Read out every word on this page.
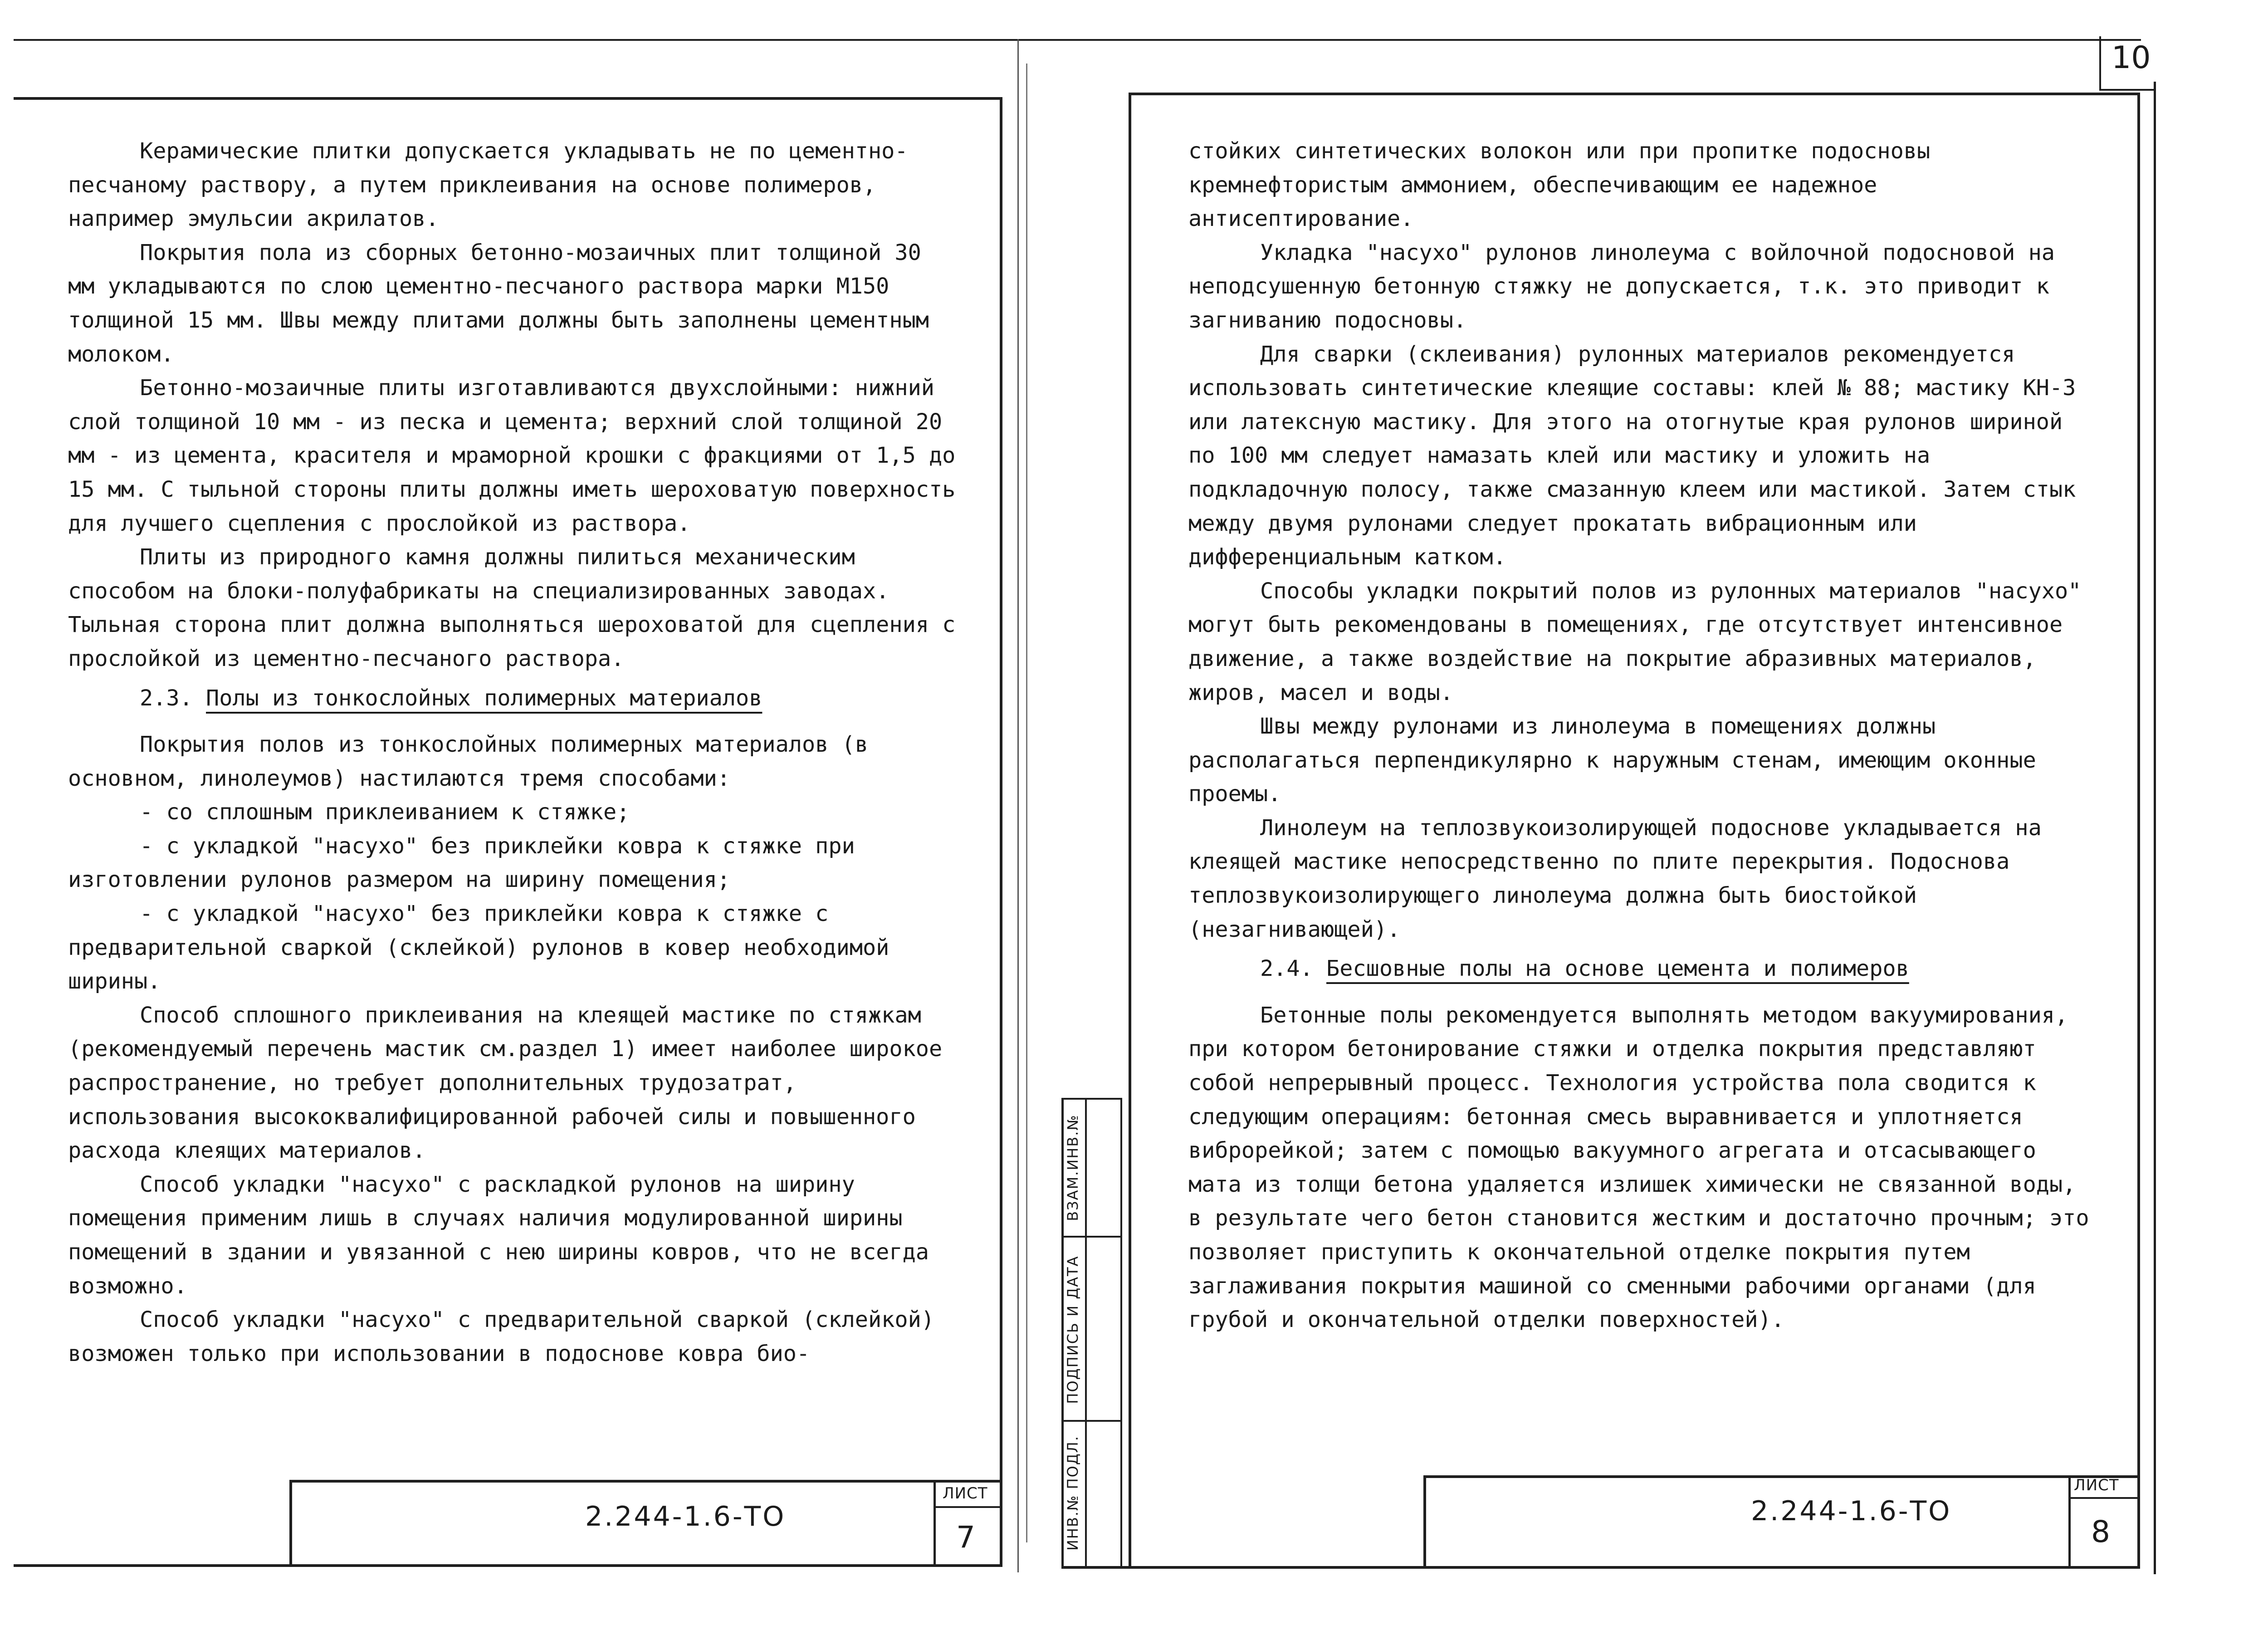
10

Керамические плитки допускается укладывать не по цементно-песчаному раствору, а путем приклеивания на основе полимеров, например эмульсии акрилатов.

Покрытия пола из сборных бетонно-мозаичных плит толщиной 30 мм укладываются по слою цементно-песчаного раствора марки М150 толщиной 15 мм. Швы между плитами должны быть заполнены цементным молоком.

Бетонно-мозаичные плиты изготавливаются двухслойными: нижний слой толщиной 10 мм - из песка и цемента; верхний слой толщиной 20 мм - из цемента, красителя и мраморной крошки с фракциями от 1,5 до 15 мм. С тыльной стороны плиты должны иметь шероховатую поверхность для лучшего сцепления с прослойкой из раствора.

Плиты из природного камня должны пилиться механическим способом на блоки-полуфабрикаты на специализированных заводах. Тыльная сторона плит должна выполняться шероховатой для сцепления с прослойкой из цементно-песчаного раствора.

2.3. Полы из тонкослойных полимерных материалов

Покрытия полов из тонкослойных полимерных материалов (в основном, линолеумов) настилаются тремя способами:

- со сплошным приклеиванием к стяжке;

- с укладкой "насухо" без приклейки ковра к стяжке при изготовлении рулонов размером на ширину помещения;

- с укладкой "насухо" без приклейки ковра к стяжке с предварительной сваркой (склейкой) рулонов в ковер необходимой ширины.

Способ сплошного приклеивания на клеящей мастике по стяжкам (рекомендуемый перечень мастик см.раздел 1) имеет наиболее широкое распространение, но требует дополнительных трудозатрат, использования высококвалифицированной рабочей силы и повышенного расхода клеящих материалов.

Способ укладки "насухо" с раскладкой рулонов на ширину помещения применим лишь в случаях наличия модулированной ширины помещений в здании и увязанной с нею ширины ковров, что не всегда возможно.

Способ укладки "насухо" с предварительной сваркой (склейкой) возможен только при использовании в подоснове ковра био-

2.244-1.6-ТО
ЛИСТ
7
ВЗАМ.ИНВ.№
ПОДПИСЬ И ДАТА
ИНВ.№ ПОДЛ.

стойких синтетических волокон или при пропитке подосновы кремнефтористым аммонием, обеспечивающим ее надежное антисептирование.

Укладка "насухо" рулонов линолеума с войлочной подосновой на неподсушенную бетонную стяжку не допускается, т.к. это приводит к загниванию подосновы.

Для сварки (склеивания) рулонных материалов рекомендуется использовать синтетические клеящие составы: клей № 88; мастику КН-3 или латексную мастику. Для этого на отогнутые края рулонов шириной по 100 мм следует намазать клей или мастику и уложить на подкладочную полосу, также смазанную клеем или мастикой. Затем стык между двумя рулонами следует прокатать вибрационным или дифференциальным катком.

Способы укладки покрытий полов из рулонных материалов "насухо" могут быть рекомендованы в помещениях, где отсутствует интенсивное движение, а также воздействие на покрытие абразивных материалов, жиров, масел и воды.

Швы между рулонами из линолеума в помещениях должны располагаться перпендикулярно к наружным стенам, имеющим оконные проемы.

Линолеум на теплозвукоизолирующей подоснове укладывается на клеящей мастике непосредственно по плите перекрытия. Подоснова теплозвукоизолирующего линолеума должна быть биостойкой (незагнивающей).

2.4. Бесшовные полы на основе цемента и полимеров

Бетонные полы рекомендуется выполнять методом вакуумирования, при котором бетонирование стяжки и отделка покрытия представляют собой непрерывный процесс. Технология устройства пола сводится к следующим операциям: бетонная смесь выравнивается и уплотняется виброрейкой; затем с помощью вакуумного агрегата и отсасывающего мата из толщи бетона удаляется излишек химически не связанной воды, в результате чего бетон становится жестким и достаточно прочным; это позволяет приступить к окончательной отделке покрытия путем заглаживания покрытия машиной со сменными рабочими органами (для грубой и окончательной отделки поверхностей).

2.244-1.6-ТО
ЛИСТ
8
